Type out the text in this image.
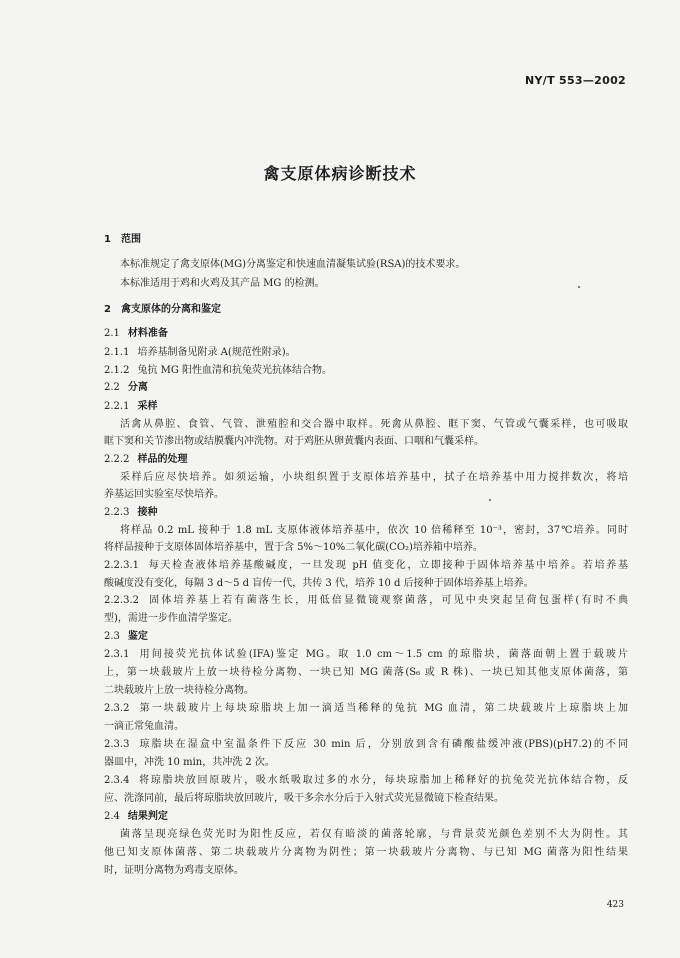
NY/T 553—2002
禽支原体病诊断技术
1　范围
本标准规定了禽支原体(MG)分离鉴定和快速血清凝集试验(RSA)的技术要求。
本标准适用于鸡和火鸡及其产品 MG 的检测。
2　禽支原体的分离和鉴定
2.1 材料准备
2.1.1 培养基制备见附录 A(规范性附录)。
2.1.2 兔抗 MG 阳性血清和抗兔荧光抗体结合物。
2.2 分离
2.2.1 采样
活禽从鼻腔、食管、气管、泄殖腔和交合器中取样。死禽从鼻腔、眶下窦、气管或气囊采样，也可吸取
眶下窦和关节渗出物或结膜囊内冲洗物。对于鸡胚从卵黄囊内表面、口咽和气囊采样。
2.2.2 样品的处理
采样后应尽快培养。如须运输，小块组织置于支原体培养基中，拭子在培养基中用力搅拌数次，将培
养基运回实验室尽快培养。
2.2.3 接种
将样品 0.2 mL 接种于 1.8 mL 支原体液体培养基中，依次 10 倍稀释至 10⁻³，密封，37℃培养。同时
将样品接种于支原体固体培养基中，置于含 5%～10%二氧化碳(CO₂)培养箱中培养。
2.2.3.1 每天检查液体培养基酸碱度，一旦发现 pH 值变化，立即接种于固体培养基中培养。若培养基
酸碱度没有变化，每隔 3 d～5 d 盲传一代，共传 3 代，培养 10 d 后接种于固体培养基上培养。
2.2.3.2 固体培养基上若有菌落生长，用低倍显微镜观察菌落，可见中央突起呈荷包蛋样(有时不典
型)，需进一步作血清学鉴定。
2.3 鉴定
2.3.1 用间接荧光抗体试验(IFA)鉴定 MG。取 1.0 cm～1.5 cm 的琼脂块，菌落面朝上置于载玻片
上，第一块载玻片上放一块待检分离物、一块已知 MG 菌落(S₆ 或 R 株)、一块已知其他支原体菌落，第
二块载玻片上放一块待检分离物。
2.3.2 第一块载玻片上每块琼脂块上加一滴适当稀释的兔抗 MG 血清，第二块载玻片上琼脂块上加
一滴正常兔血清。
2.3.3 琼脂块在湿盒中室温条件下反应 30 min 后，分别放到含有磷酸盐缓冲液(PBS)(pH7.2)的不同
器皿中，冲洗 10 min，共冲洗 2 次。
2.3.4 将琼脂块放回原玻片，吸水纸吸取过多的水分，每块琼脂加上稀释好的抗兔荧光抗体结合物，反
应、洗涤同前，最后将琼脂块放回玻片，吸干多余水分后于入射式荧光显微镜下检查结果。
2.4 结果判定
菌落呈现亮绿色荧光时为阳性反应，若仅有暗淡的菌落轮廓，与背景荧光颜色差别不大为阴性。其
他已知支原体菌落、第二块载玻片分离物为阴性；第一块载玻片分离物、与已知 MG 菌落为阳性结果
时，证明分离物为鸡毒支原体。
423
